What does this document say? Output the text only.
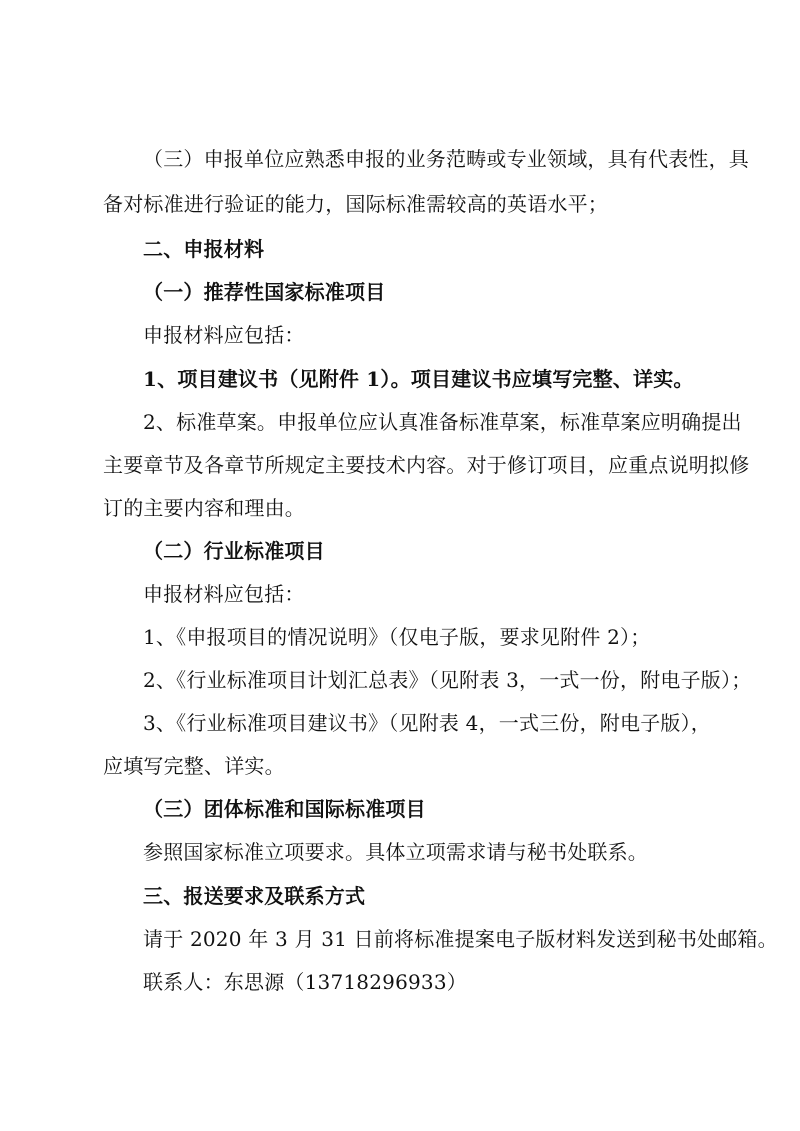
（三）申报单位应熟悉申报的业务范畴或专业领域，具有代表性，具
备对标准进行验证的能力，国际标准需较高的英语水平；
二、申报材料
（一）推荐性国家标准项目
申报材料应包括：
1、项目建议书（见附件 1）。项目建议书应填写完整、详实。
2、标准草案。申报单位应认真准备标准草案，标准草案应明确提出
主要章节及各章节所规定主要技术内容。对于修订项目，应重点说明拟修
订的主要内容和理由。
（二）行业标准项目
申报材料应包括：
1、《申报项目的情况说明》（仅电子版，要求见附件 2）；
2、《行业标准项目计划汇总表》（见附表 3，一式一份，附电子版）；
3、《行业标准项目建议书》（见附表 4，一式三份，附电子版），
应填写完整、详实。
（三）团体标准和国际标准项目
参照国家标准立项要求。具体立项需求请与秘书处联系。
三、报送要求及联系方式
请于 2020 年 3 月 31 日前将标准提案电子版材料发送到秘书处邮箱。
联系人：东思源（13718296933）
